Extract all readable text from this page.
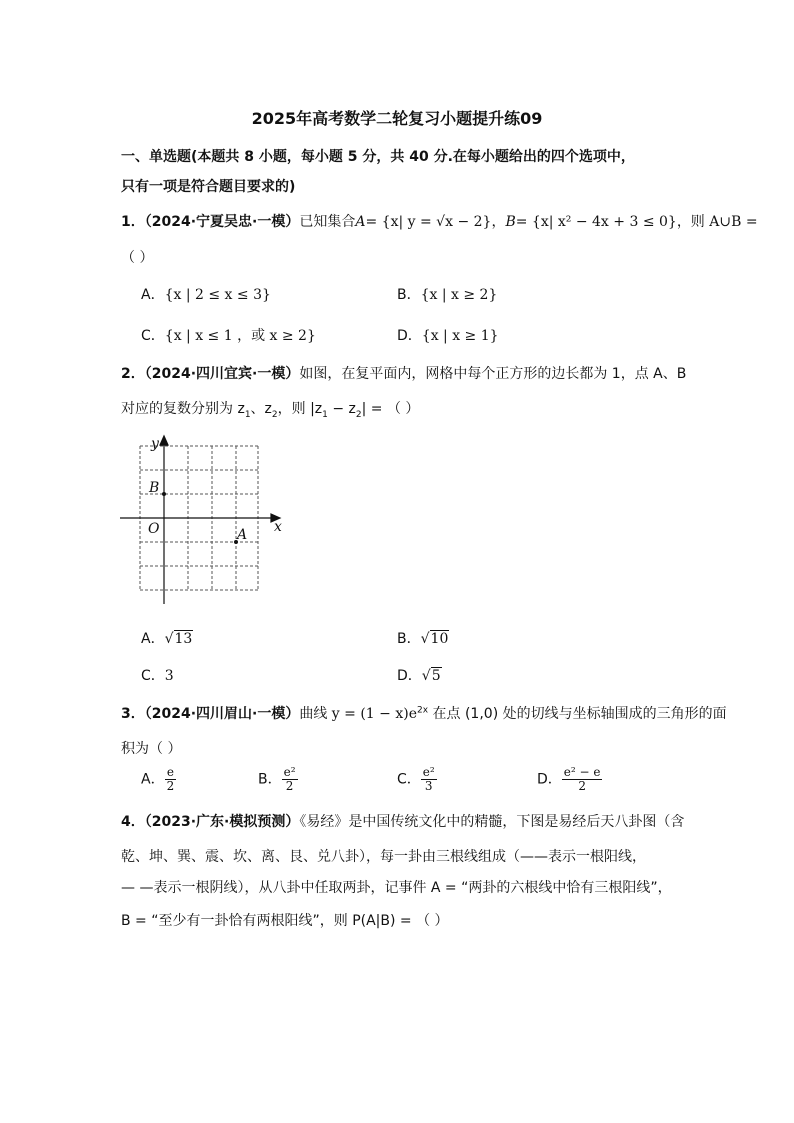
2025年高考数学二轮复习小题提升练09
一、单选题(本题共 8 小题，每小题 5 分，共 40 分.在每小题给出的四个选项中，
只有一项是符合题目要求的)
1．（2024·宁夏吴忠·一模）已知集合A= {x| y = √x − 2}，B= {x| x² − 4x + 3 ≤ 0}，则 A∪B =
（ ）
A．{x | 2 ≤ x ≤ 3}	B．{x | x ≥ 2}
C．{x | x ≤ 1 ，或 x ≥ 2}	D．{x | x ≥ 1}
2．（2024·四川宜宾·一模）如图，在复平面内，网格中每个正方形的边长都为 1，点 A、B
对应的复数分别为 $z_1$、$z_2$，则 $|z_1 - z_2|$ = （ ）
y
x
O	A
B
A．√13	B．√10
C．3	D．√5
3．（2024·四川眉山·一模）曲线 $y = (1 - x)e^{2x}$ 在点 (1,0) 处的切线与坐标轴围成的三角形的面
积为（ ）
A． $\frac{e}{2}$	B． $\frac{\text{e²}}{2}$	C． $\frac{\text{e²}}{3}$	D． $\frac{\text{e² − e}}{2}$
4．（2023·广东·模拟预测）《易经》是中国传统文化中的精髓，下图是易经后天八卦图（含
乾、坤、巽、震、坎、离、艮、兑八卦），每一卦由三根线组成（——表示一根阳线，
— —表示一根阴线），从八卦中任取两卦，记事件 A = “两卦的六根线中恰有三根阳线”，
B = “至少有一卦恰有两根阳线”，则 P(A|B) = （ ）
